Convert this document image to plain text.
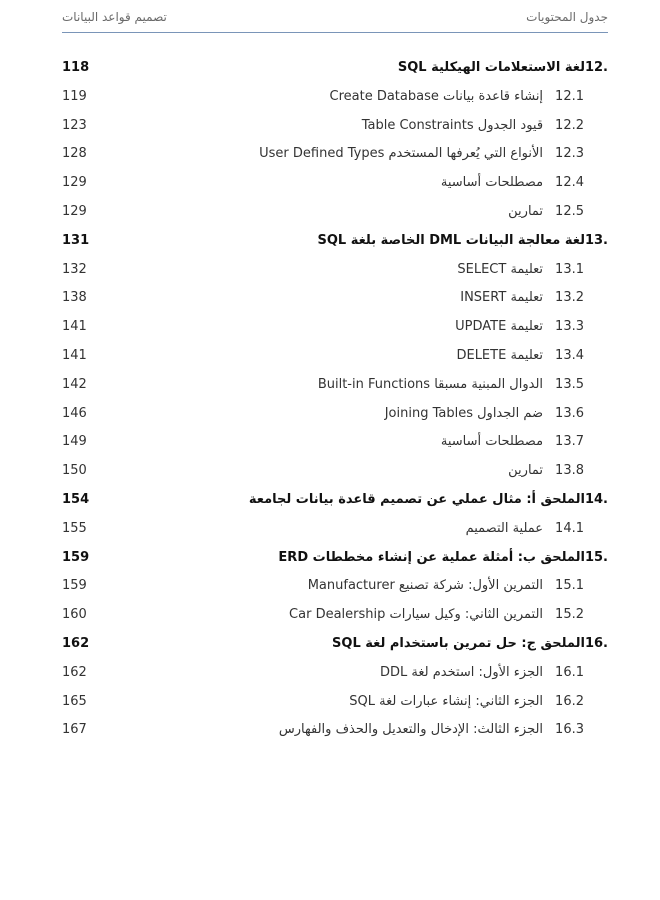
جدول المحتويات
تصميم قواعد البيانات
12.لغة الاستعلامات الهيكلية SQL
118
12.1إنشاء قاعدة بيانات Create Database
119
12.2قيود الجدول Table Constraints
123
12.3الأنواع التي يُعرفها المستخدم User Defined Types
128
12.4مصطلحات أساسية
129
12.5تمارين
129
13.لغة معالجة البيانات DML الخاصة بلغة SQL
131
13.1تعليمة SELECT
132
13.2تعليمة INSERT
138
13.3تعليمة UPDATE
141
13.4تعليمة DELETE
141
13.5الدوال المبنية مسبقا Built-in Functions
142
13.6ضم الجداول Joining Tables
146
13.7مصطلحات أساسية
149
13.8تمارين
150
14.الملحق أ: مثال عملي عن تصميم قاعدة بيانات لجامعة
154
14.1عملية التصميم
155
15.الملحق ب: أمثلة عملية عن إنشاء مخططات ERD
159
15.1التمرين الأول: شركة تصنيع Manufacturer
159
15.2التمرين الثاني: وكيل سيارات Car Dealership
160
16.الملحق ج: حل تمرين باستخدام لغة SQL
162
16.1الجزء الأول: استخدم لغة DDL
162
16.2الجزء الثاني: إنشاء عبارات لغة SQL
165
16.3الجزء الثالث: الإدخال والتعديل والحذف والفهارس
167
